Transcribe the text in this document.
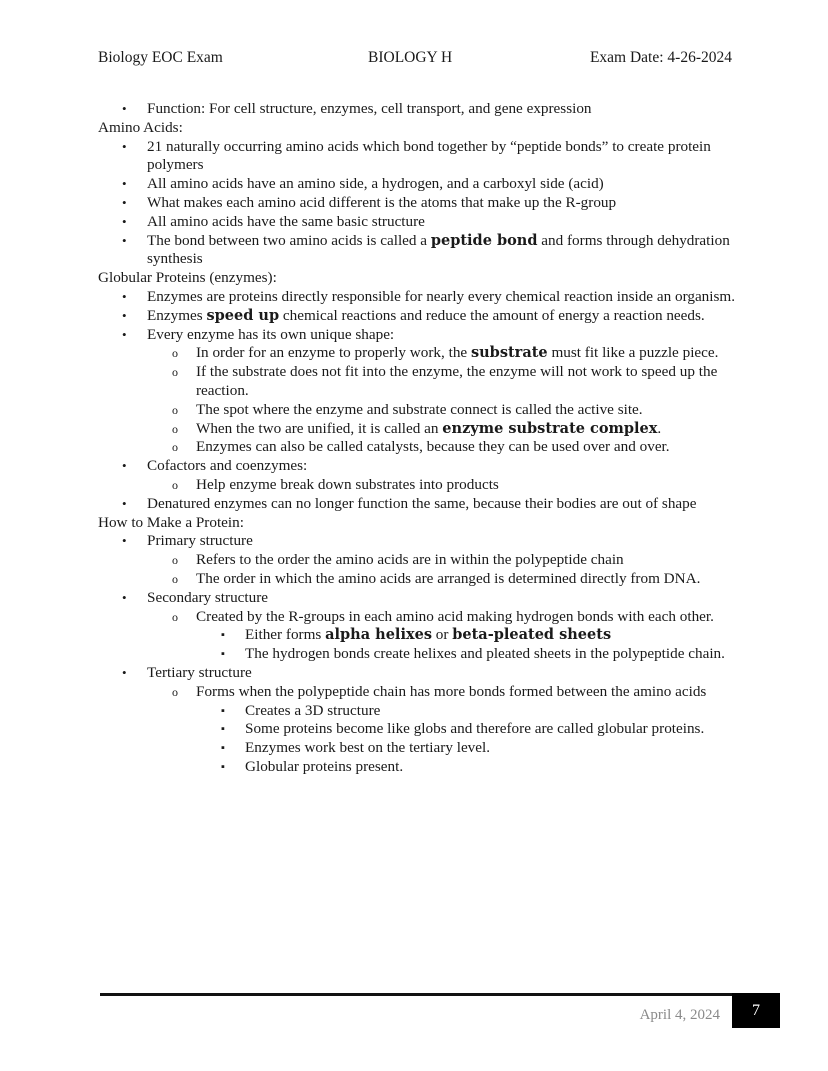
Biology EOC Exam	BIOLOGY H	Exam Date: 4-26-2024
• Function: For cell structure, enzymes, cell transport, and gene expression
Amino Acids:
• 21 naturally occurring amino acids which bond together by “peptide bonds” to create protein polymers
• All amino acids have an amino side, a hydrogen, and a carboxyl side (acid)
• What makes each amino acid different is the atoms that make up the R-group
• All amino acids have the same basic structure
• The bond between two amino acids is called a peptide bond and forms through dehydration synthesis
Globular Proteins (enzymes):
• Enzymes are proteins directly responsible for nearly every chemical reaction inside an organism.
• Enzymes speed up chemical reactions and reduce the amount of energy a reaction needs.
• Every enzyme has its own unique shape:
o In order for an enzyme to properly work, the substrate must fit like a puzzle piece.
o If the substrate does not fit into the enzyme, the enzyme will not work to speed up the reaction.
o The spot where the enzyme and substrate connect is called the active site.
o When the two are unified, it is called an enzyme substrate complex.
o Enzymes can also be called catalysts, because they can be used over and over.
• Cofactors and coenzymes:
o Help enzyme break down substrates into products
• Denatured enzymes can no longer function the same, because their bodies are out of shape
How to Make a Protein:
• Primary structure
o Refers to the order the amino acids are in within the polypeptide chain
o The order in which the amino acids are arranged is determined directly from DNA.
• Secondary structure
o Created by the R-groups in each amino acid making hydrogen bonds with each other.
▪ Either forms alpha helixes or beta-pleated sheets
▪ The hydrogen bonds create helixes and pleated sheets in the polypeptide chain.
• Tertiary structure
o Forms when the polypeptide chain has more bonds formed between the amino acids
▪ Creates a 3D structure
▪ Some proteins become like globs and therefore are called globular proteins.
▪ Enzymes work best on the tertiary level.
▪ Globular proteins present.
April 4, 2024	7
